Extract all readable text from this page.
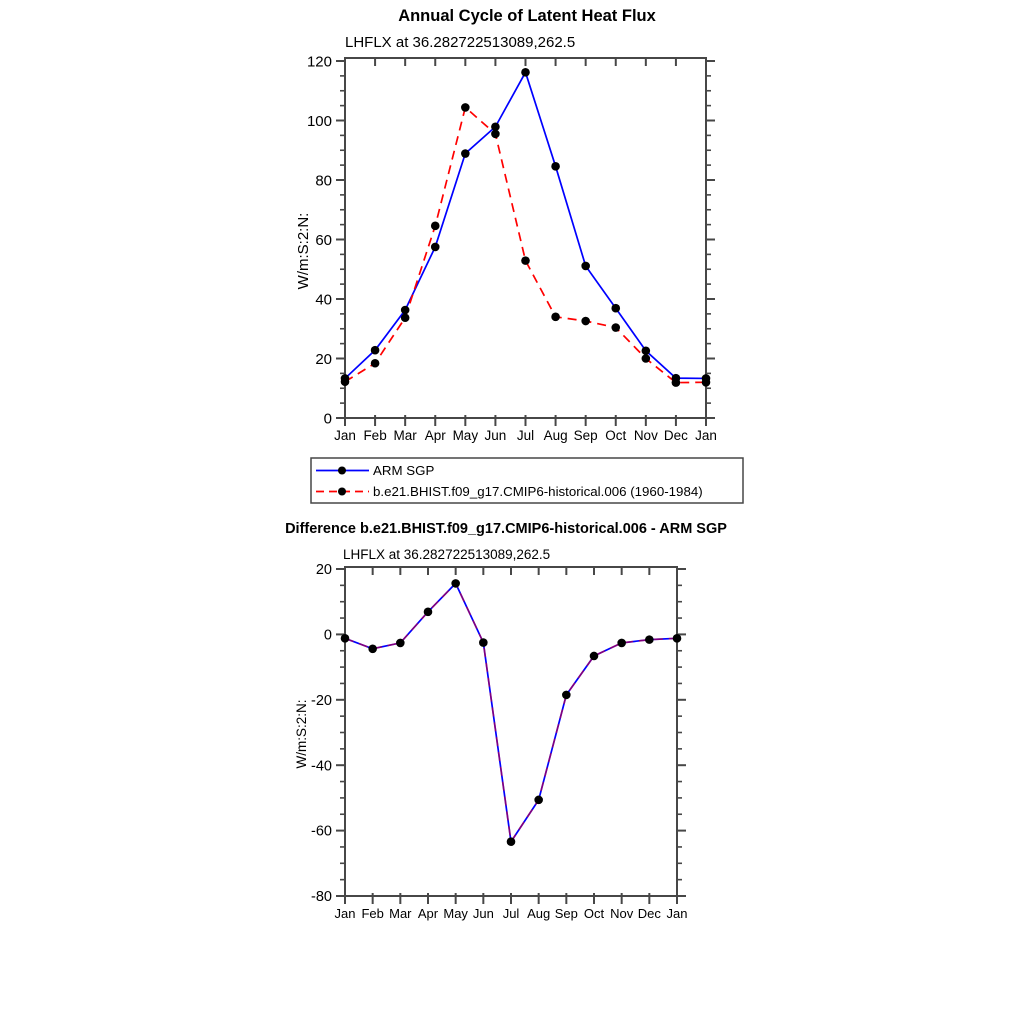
Annual Cycle of Latent Heat Flux
LHFLX at 36.282722513089,262.5
W/m:S:2:N:
0
20
40
60
80
100
120
Jan Feb Mar Apr May Jun Jul Aug Sep Oct Nov Dec Jan
ARM SGP
b.e21.BHIST.f09_g17.CMIP6-historical.006 (1960-1984)
Difference b.e21.BHIST.f09_g17.CMIP6-historical.006 - ARM SGP
LHFLX at 36.282722513089,262.5
W/m:S:2:N:
20
0
-20
-40
-60
-80
Jan Feb Mar Apr May Jun Jul Aug Sep Oct Nov Dec Jan
